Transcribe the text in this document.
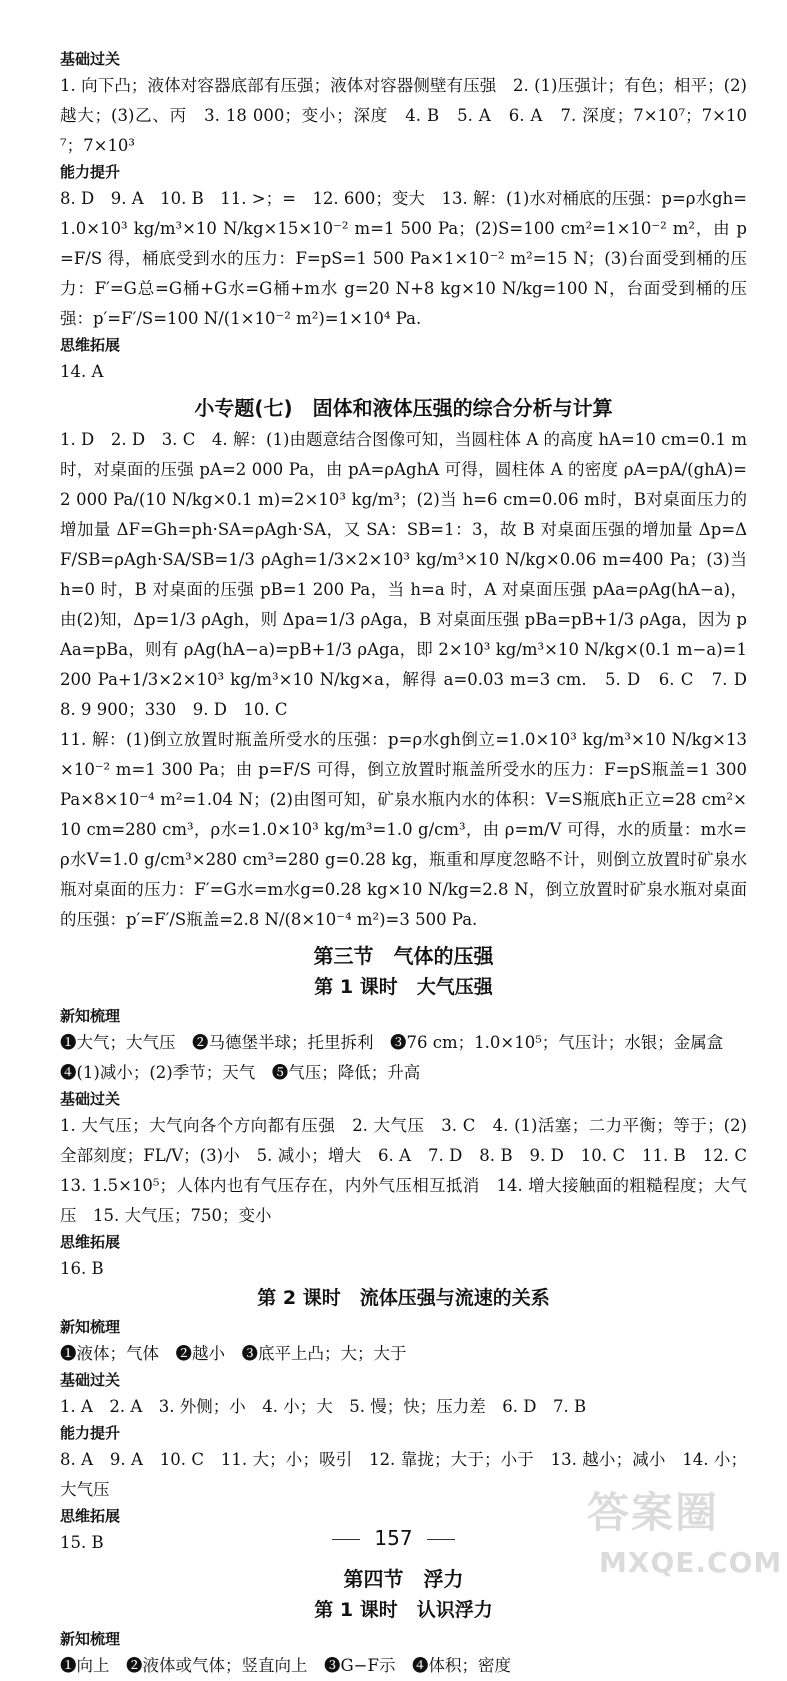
基础过关
1. 向下凸；液体对容器底部有压强；液体对容器侧壁有压强　2. (1)压强计；有色；相平；(2)越大；(3)乙、丙　3. 18 000；变小；深度　4. B　5. A　6. A　7. 深度；7×10⁷；7×10⁷；7×10³
能力提升
8. D　9. A　10. B　11. >；=　12. 600；变大　13. 解：(1)水对桶底的压强：p=ρ水gh=1.0×10³ kg/m³×10 N/kg×15×10⁻² m=1 500 Pa；(2)S=100 cm²=1×10⁻² m²，由 p=F/S 得，桶底受到水的压力：F=pS=1 500 Pa×1×10⁻² m²=15 N；(3)台面受到桶的压力：F′=G总=G桶+G水=G桶+m水 g=20 N+8 kg×10 N/kg=100 N，台面受到桶的压强：p′=F′/S=100 N/(1×10⁻² m²)=1×10⁴ Pa.
思维拓展
14. A
小专题(七)　固体和液体压强的综合分析与计算
1. D　2. D　3. C　4. 解：(1)由题意结合图像可知，当圆柱体 A 的高度 hA=10 cm=0.1 m时，对桌面的压强 pA=2 000 Pa，由 pA=ρAghA 可得，圆柱体 A 的密度 ρA=pA/(ghA)=2 000 Pa/(10 N/kg×0.1 m)=2×10³ kg/m³；(2)当 h=6 cm=0.06 m时，B对桌面压力的增加量 ΔF=Gh=ph·SA=ρAgh·SA，又 SA：SB=1：3，故 B 对桌面压强的增加量 Δp=ΔF/SB=ρAgh·SA/SB=1/3 ρAgh=1/3×2×10³ kg/m³×10 N/kg×0.06 m=400 Pa；(3)当 h=0 时，B 对桌面的压强 pB=1 200 Pa，当 h=a 时，A 对桌面压强 pAa=ρAg(hA−a)，由(2)知，Δp=1/3 ρAgh，则 Δpa=1/3 ρAga，B 对桌面压强 pBa=pB+1/3 ρAga，因为 pAa=pBa，则有 ρAg(hA−a)=pB+1/3 ρAga，即 2×10³ kg/m³×10 N/kg×(0.1 m−a)=1 200 Pa+1/3×2×10³ kg/m³×10 N/kg×a，解得 a=0.03 m=3 cm.　5. D　6. C　7. D　8. 9 900；330　9. D　10. C
11. 解：(1)倒立放置时瓶盖所受水的压强：p=ρ水gh倒立=1.0×10³ kg/m³×10 N/kg×13×10⁻² m=1 300 Pa；由 p=F/S 可得，倒立放置时瓶盖所受水的压力：F=pS瓶盖=1 300 Pa×8×10⁻⁴ m²=1.04 N；(2)由图可知，矿泉水瓶内水的体积：V=S瓶底h正立=28 cm²×10 cm=280 cm³，ρ水=1.0×10³ kg/m³=1.0 g/cm³，由 ρ=m/V 可得，水的质量：m水=ρ水V=1.0 g/cm³×280 cm³=280 g=0.28 kg，瓶重和厚度忽略不计，则倒立放置时矿泉水瓶对桌面的压力：F′=G水=m水g=0.28 kg×10 N/kg=2.8 N，倒立放置时矿泉水瓶对桌面的压强：p′=F′/S瓶盖=2.8 N/(8×10⁻⁴ m²)=3 500 Pa.
第三节　气体的压强
第 1 课时　大气压强
新知梳理
❶大气；大气压　❷马德堡半球；托里拆利　❸76 cm；1.0×10⁵；气压计；水银；金属盒
❹(1)减小；(2)季节；天气　❺气压；降低；升高
基础过关
1. 大气压；大气向各个方向都有压强　2. 大气压　3. C　4. (1)活塞；二力平衡；等于；(2)全部刻度；FL/V；(3)小　5. 减小；增大　6. A　7. D　8. B　9. D　10. C　11. B　12. C　13. 1.5×10⁵；人体内也有气压存在，内外气压相互抵消　14. 增大接触面的粗糙程度；大气压　15. 大气压；750；变小
思维拓展
16. B
第 2 课时　流体压强与流速的关系
新知梳理
❶液体；气体　❷越小　❸底平上凸；大；大于
基础过关
1. A　2. A　3. 外侧；小　4. 小；大　5. 慢；快；压力差　6. D　7. B
能力提升
8. A　9. A　10. C　11. 大；小；吸引　12. 靠拢；大于；小于　13. 越小；减小　14. 小；大气压
思维拓展
15. B
第四节　浮力
第 1 课时　认识浮力
新知梳理
❶向上　❷液体或气体；竖直向上　❸G−F示　❹体积；密度
157
答案圈
MXQE.COM
